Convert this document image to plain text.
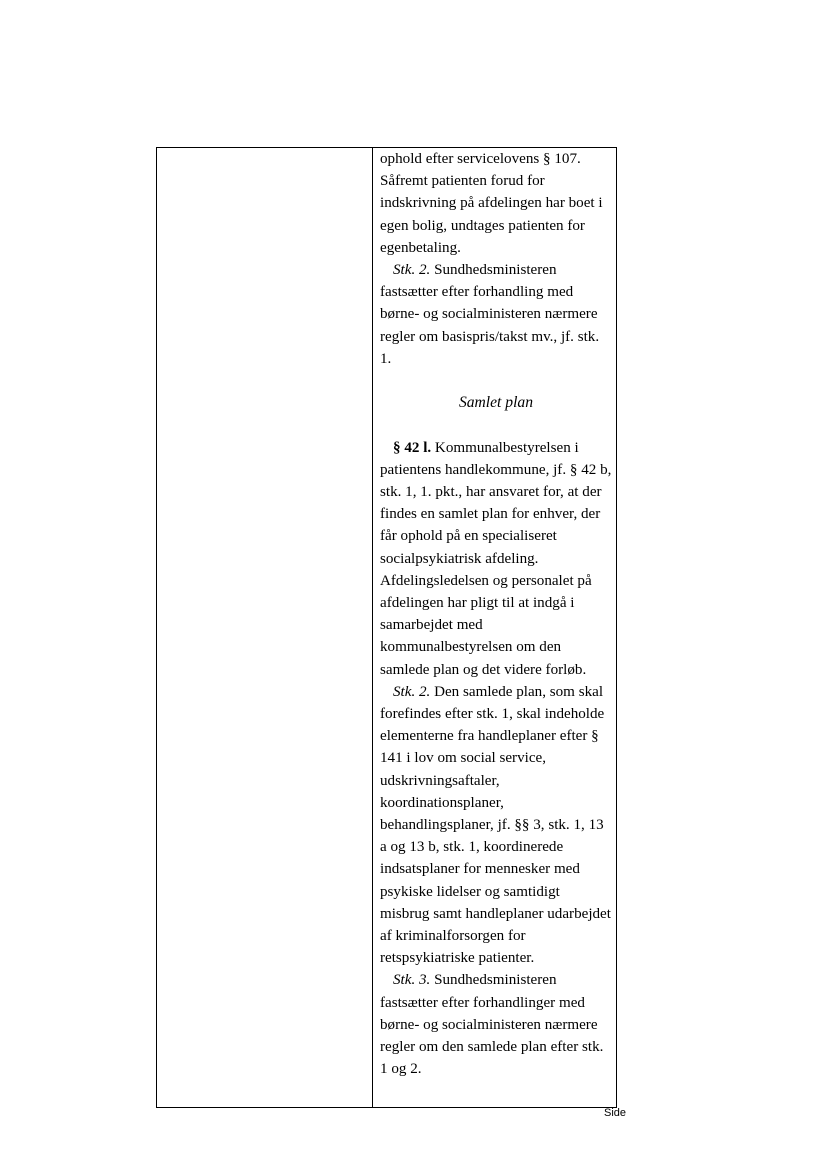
ophold efter servicelovens § 107. Såfremt patienten forud for indskrivning på afdelingen har boet i egen bolig, undtages patienten for egenbetaling.

Stk. 2. Sundhedsministeren fastsætter efter forhandling med børne- og socialministeren nærmere regler om basispris/takst mv., jf. stk. 1.

Samlet plan

§ 42 l. Kommunalbestyrelsen i patientens handlekommune, jf. § 42 b, stk. 1, 1. pkt., har ansvaret for, at der findes en samlet plan for enhver, der får ophold på en specialiseret socialpsykiatrisk afdeling. Afdelingsledelsen og personalet på afdelingen har pligt til at indgå i samarbejdet med kommunalbestyrelsen om den samlede plan og det videre forløb.

Stk. 2. Den samlede plan, som skal forefindes efter stk. 1, skal indeholde elementerne fra handleplaner efter § 141 i lov om social service, udskrivningsaftaler, koordinationsplaner, behandlingsplaner, jf. §§ 3, stk. 1, 13 a og 13 b, stk. 1, koordinerede indsatsplaner for mennesker med psykiske lidelser og samtidigt misbrug samt handleplaner udarbejdet af kriminalforsorgen for retspsykiatriske patienter.

Stk. 3. Sundhedsministeren fastsætter efter forhandlinger med børne- og socialministeren nærmere regler om den samlede plan efter stk. 1 og 2.

Side
